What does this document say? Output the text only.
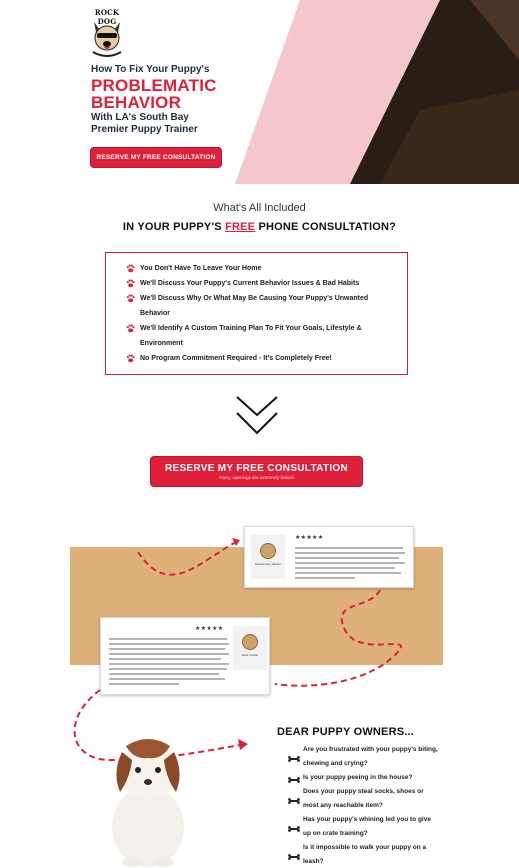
ROCK DOG
How To Fix Your Puppy's
PROBLEMATIC
BEHAVIOR
With LA's South Bay
Premier Puppy Trainer
RESERVE MY FREE CONSULTATION
What's All Included
IN YOUR PUPPY'S FREE PHONE CONSULTATION?
You Don't Have To Leave Your Home
We'll Discuss Your Puppy's Current Behavior Issues & Bad Habits
We'll Discuss Why Or What May Be Causing Your Puppy's Unwanted Behavior
We'll Identify A Custom Training Plan To Fit Your Goals, Lifestyle & Environment
No Program Commitment Required - It's Completely Free!
RESERVE MY FREE CONSULTATION
Hurry, openings are extremely limited
Denise Kay Jacobs
★★★★★
★★★★★
Dave Tucker
DEAR PUPPY OWNERS...
Are you frustrated with your puppy's biting, chewing and crying?
Is your puppy peeing in the house?
Does your puppy steal socks, shoes or most any reachable item?
Has your puppy's whining led you to give up on crate training?
Is it impossible to walk your puppy on a leash?
